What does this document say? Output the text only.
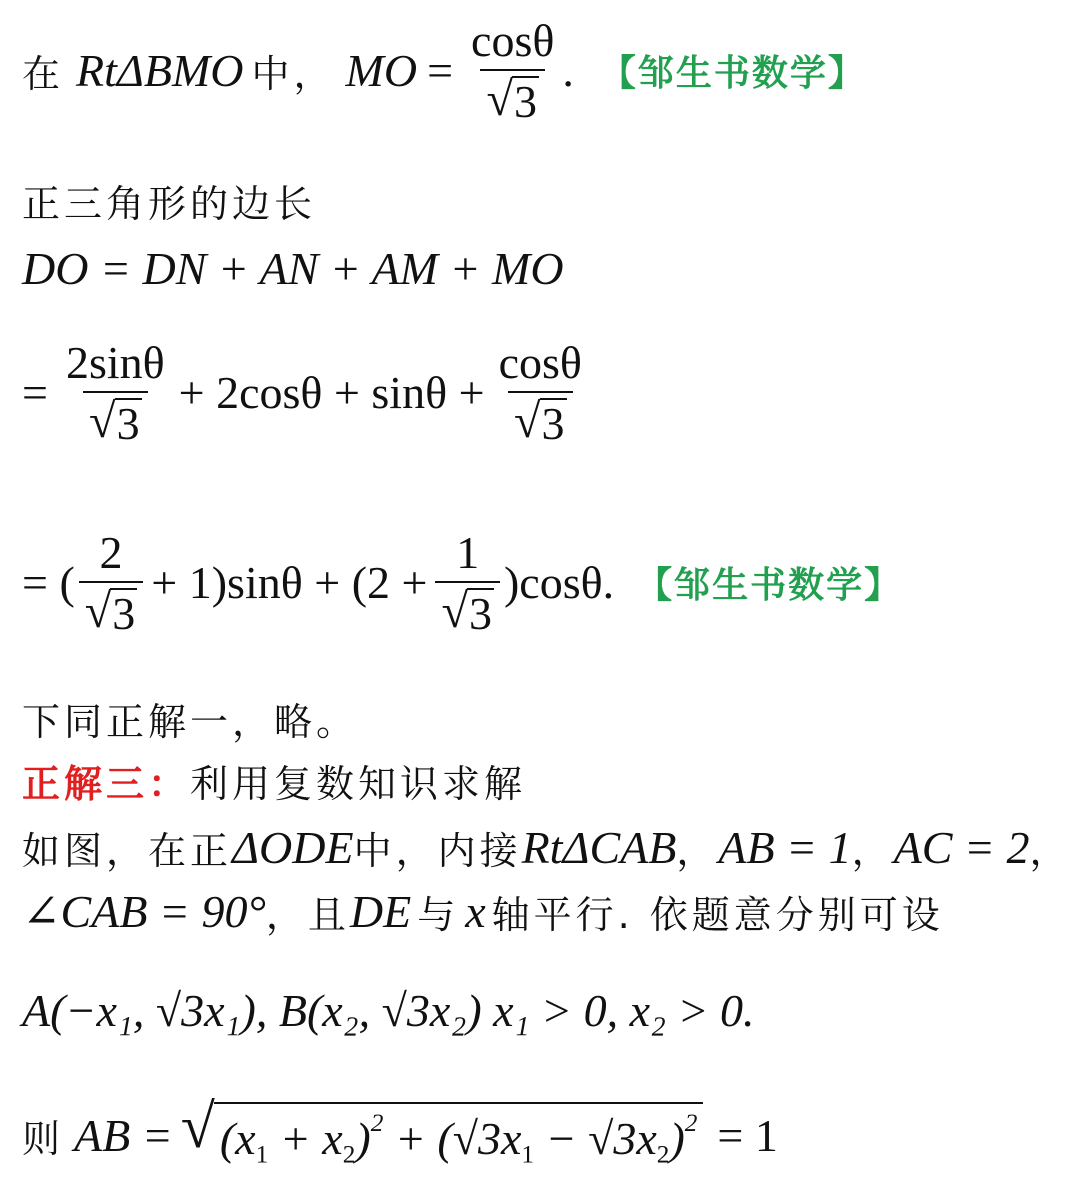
在 RtΔBMO 中， MO = $\frac{\cos\theta}{√ 3}$ . 【邹生书数学】
正三角形的边长
DO = DN + AN + AM + MO
= $\frac{2\sin\theta}{√ 3} + 2\cos\theta + \sin\theta + \frac{\cos\theta}{√ 3}$
= ( $\frac{2}{√ 3} + 1)\sin\theta + (2 + \frac{1}{√ 3} )\cos\theta$. 【邹生书数学】
下同正解一，略。
正解三： 利用复数知识求解
如图，在正 ΔODE 中，内接 RtΔCAB ， AB = 1 ， AC = 2 ，
∠CAB = 90° ，且 DE 与 x 轴平行. 依题意分别可设
A(−x₁, √3x₁), B(x₂, √3x₂) x₁ > 0, x₂ > 0.
则 AB = √ $(x_1 + x_2)^2 + (√3x_1 - √3x_2)^2 = 1$
